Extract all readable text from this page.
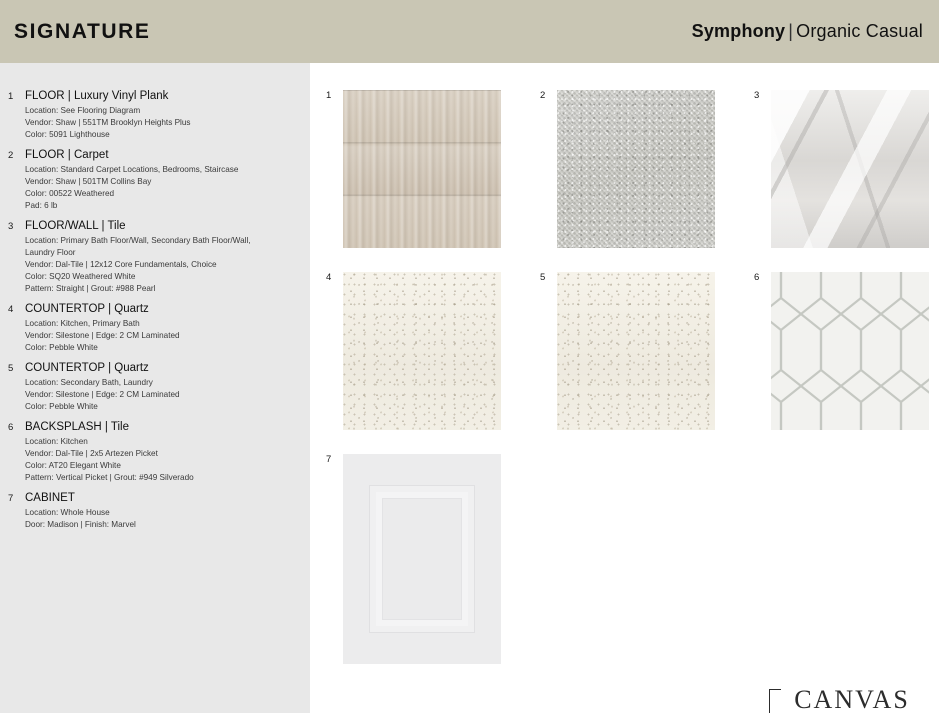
SIGNATURE	Symphony | Organic Casual
1	FLOOR | Luxury Vinyl Plank
Location: See Flooring Diagram
Vendor: Shaw | 551TM Brooklyn Heights Plus
Color: 5091 Lighthouse
2	FLOOR | Carpet
Location: Standard Carpet Locations, Bedrooms, Staircase
Vendor: Shaw | 501TM Collins Bay
Color: 00522 Weathered
Pad: 6 lb
3	FLOOR/WALL | Tile
Location: Primary Bath Floor/Wall, Secondary Bath Floor/Wall,
Laundry Floor
Vendor: Dal-Tile | 12x12 Core Fundamentals, Choice
Color: SQ20 Weathered White
Pattern: Straight | Grout: #988 Pearl
4	COUNTERTOP | Quartz
Location: Kitchen, Primary Bath
Vendor: Silestone | Edge: 2 CM Laminated
Color: Pebble White
5	COUNTERTOP | Quartz
Location: Secondary Bath, Laundry
Vendor: Silestone | Edge: 2 CM Laminated
Color: Pebble White
6	BACKSPLASH | Tile
Location: Kitchen
Vendor: Dal-Tile | 2x5 Artezen Picket
Color: AT20 Elegant White
Pattern: Vertical Picket | Grout: #949 Silverado
7	CABINET
Location: Whole House
Door: Madison | Finish: Marvel
1	2	3
4	5	6
7
CANVAS
